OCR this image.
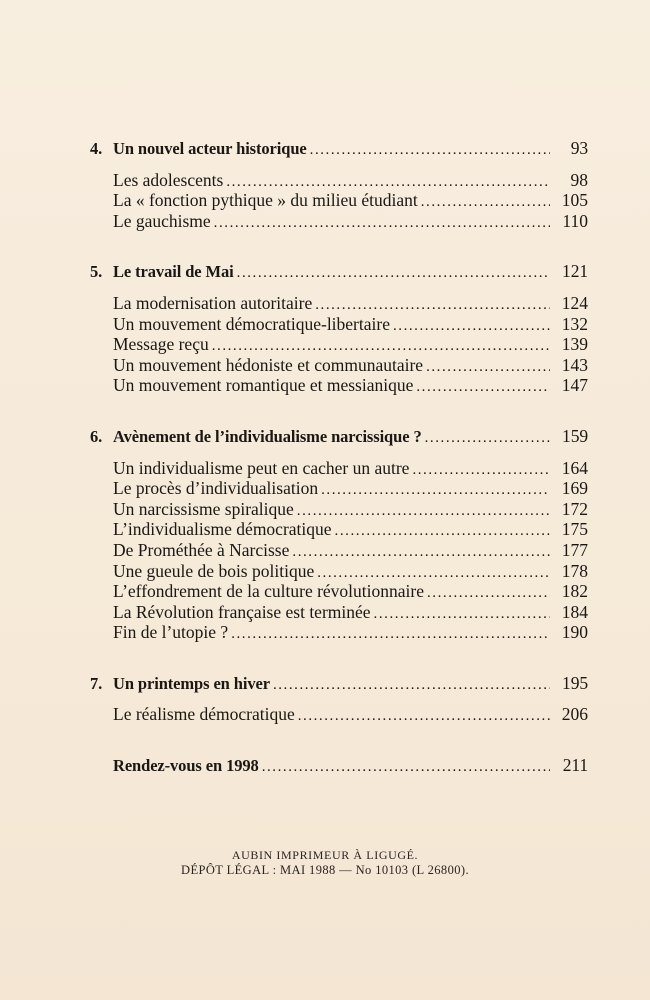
4. Un nouvel acteur historique . . .	93
Les adolescents . . .	98
La « fonction pythique » du milieu étudiant . . .	105
Le gauchisme . . .	110
5. Le travail de Mai . . .	121
La modernisation autoritaire . . .	124
Un mouvement démocratique-libertaire . . .	132
Message reçu . . .	139
Un mouvement hédoniste et communautaire . . .	143
Un mouvement romantique et messianique . . .	147
6. Avènement de l’individualisme narcissique ? . . .	159
Un individualisme peut en cacher un autre . . .	164
Le procès d’individualisation . . .	169
Un narcissisme spiralique . . .	172
L’individualisme démocratique . . .	175
De Prométhée à Narcisse . . .	177
Une gueule de bois politique . . .	178
L’effondrement de la culture révolutionnaire . . .	182
La Révolution française est terminée . . .	184
Fin de l’utopie ? . . .	190
7. Un printemps en hiver . . .	195
Le réalisme démocratique . . .	206
Rendez-vous en 1998 . . .	211
AUBIN IMPRIMEUR À LIGUGÉ.
DÉPÔT LÉGAL : MAI 1988 — No 10103 (L 26800).
